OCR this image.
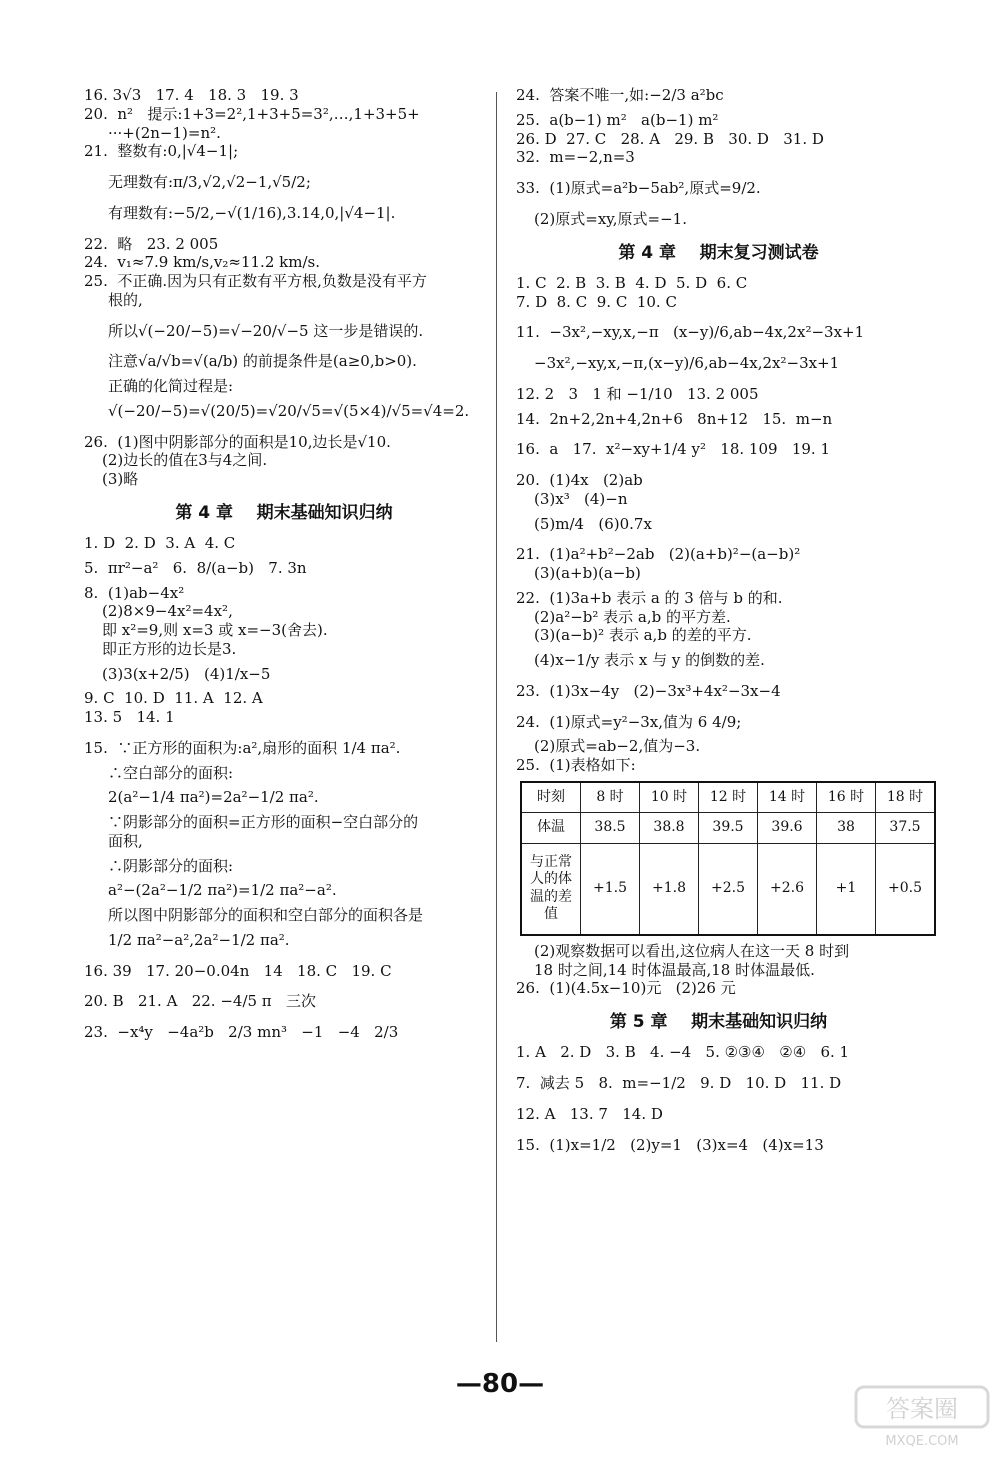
16. 3√3   17. 4   18. 3   19. 3
20.  n²   提示:1+3=2²,1+3+5=3²,…,1+3+5+
···+(2n−1)=n².
21.  整数有:0,|√4−1|;
无理数有:π/3,√2,√2−1,√5/2;
有理数有:−5/2,−√(1/16),3.14,0,|√4−1|.
22.  略   23. 2 005
24.  v₁≈7.9 km/s,v₂≈11.2 km/s.
25.  不正确.因为只有正数有平方根,负数是没有平方
根的,
所以√(−20/−5)=√−20/√−5 这一步是错误的.
注意√a/√b=√(a/b) 的前提条件是(a≥0,b>0).
正确的化简过程是:
√(−20/−5)=√(20/5)=√20/√5=√(5×4)/√5=√4=2.
26.  (1)图中阴影部分的面积是10,边长是√10.
(2)边长的值在3与4之间.
(3)略
第 4 章    期末基础知识归纳
1. D  2. D  3. A  4. C
5.  πr²−a²   6.  8/(a−b)   7. 3n
8.  (1)ab−4x²
(2)8×9−4x²=4x²,
即 x²=9,则 x=3 或 x=−3(舍去).
即正方形的边长是3.
(3)3(x+2/5)   (4)1/x−5
9. C  10. D  11. A  12. A
13. 5   14. 1
15.  ∵正方形的面积为:a²,扇形的面积 1/4 πa².
∴空白部分的面积:
2(a²−1/4 πa²)=2a²−1/2 πa².
∵阴影部分的面积=正方形的面积−空白部分的
面积,
∴阴影部分的面积:
a²−(2a²−1/2 πa²)=1/2 πa²−a².
所以图中阴影部分的面积和空白部分的面积各是
1/2 πa²−a²,2a²−1/2 πa².
16. 39   17. 20−0.04n   14   18. C   19. C
20. B   21. A   22. −4/5 π   三次
23.  −x⁴y   −4a²b   2/3 mn³   −1   −4   2/3
24.  答案不唯一,如:−2/3 a²bc
25.  a(b−1) m²   a(b−1) m²
26. D  27. C   28. A   29. B   30. D   31. D
32.  m=−2,n=3
33.  (1)原式=a²b−5ab²,原式=9/2.
(2)原式=xy,原式=−1.
第 4 章    期末复习测试卷
1. C  2. B  3. B  4. D  5. D  6. C
7. D  8. C  9. C  10. C
11.  −3x²,−xy,x,−π   (x−y)/6,ab−4x,2x²−3x+1
−3x²,−xy,x,−π,(x−y)/6,ab−4x,2x²−3x+1
12. 2   3   1 和 −1/10   13. 2 005
14.  2n+2,2n+4,2n+6   8n+12   15.  m−n
16.  a   17.  x²−xy+1/4 y²   18. 109   19. 1
20.  (1)4x   (2)ab
(3)x³   (4)−n
(5)m/4   (6)0.7x
21.  (1)a²+b²−2ab   (2)(a+b)²−(a−b)²
(3)(a+b)(a−b)
22.  (1)3a+b 表示 a 的 3 倍与 b 的和.
(2)a²−b² 表示 a,b 的平方差.
(3)(a−b)² 表示 a,b 的差的平方.
(4)x−1/y 表示 x 与 y 的倒数的差.
23.  (1)3x−4y   (2)−3x³+4x²−3x−4
24.  (1)原式=y²−3x,值为 6 4/9;
(2)原式=ab−2,值为−3.
25.  (1)表格如下:
时刻	8 时	10 时	12 时	14 时	16 时	18 时
体温	38.5	38.8	39.5	39.6	38	37.5
与正常人的体温的差值	+1.5	+1.8	+2.5	+2.6	+1	+0.5
(2)观察数据可以看出,这位病人在这一天 8 时到
18 时之间,14 时体温最高,18 时体温最低.
26.  (1)(4.5x−10)元   (2)26 元
第 5 章    期末基础知识归纳
1. A   2. D   3. B   4. −4   5. ②③④   ②④   6. 1
7.  减去 5   8.  m=−1/2   9. D   10. D   11. D
12. A   13. 7   14. D
15.  (1)x=1/2   (2)y=1   (3)x=4   (4)x=13
—80—
答案圈
MXQE.COM
